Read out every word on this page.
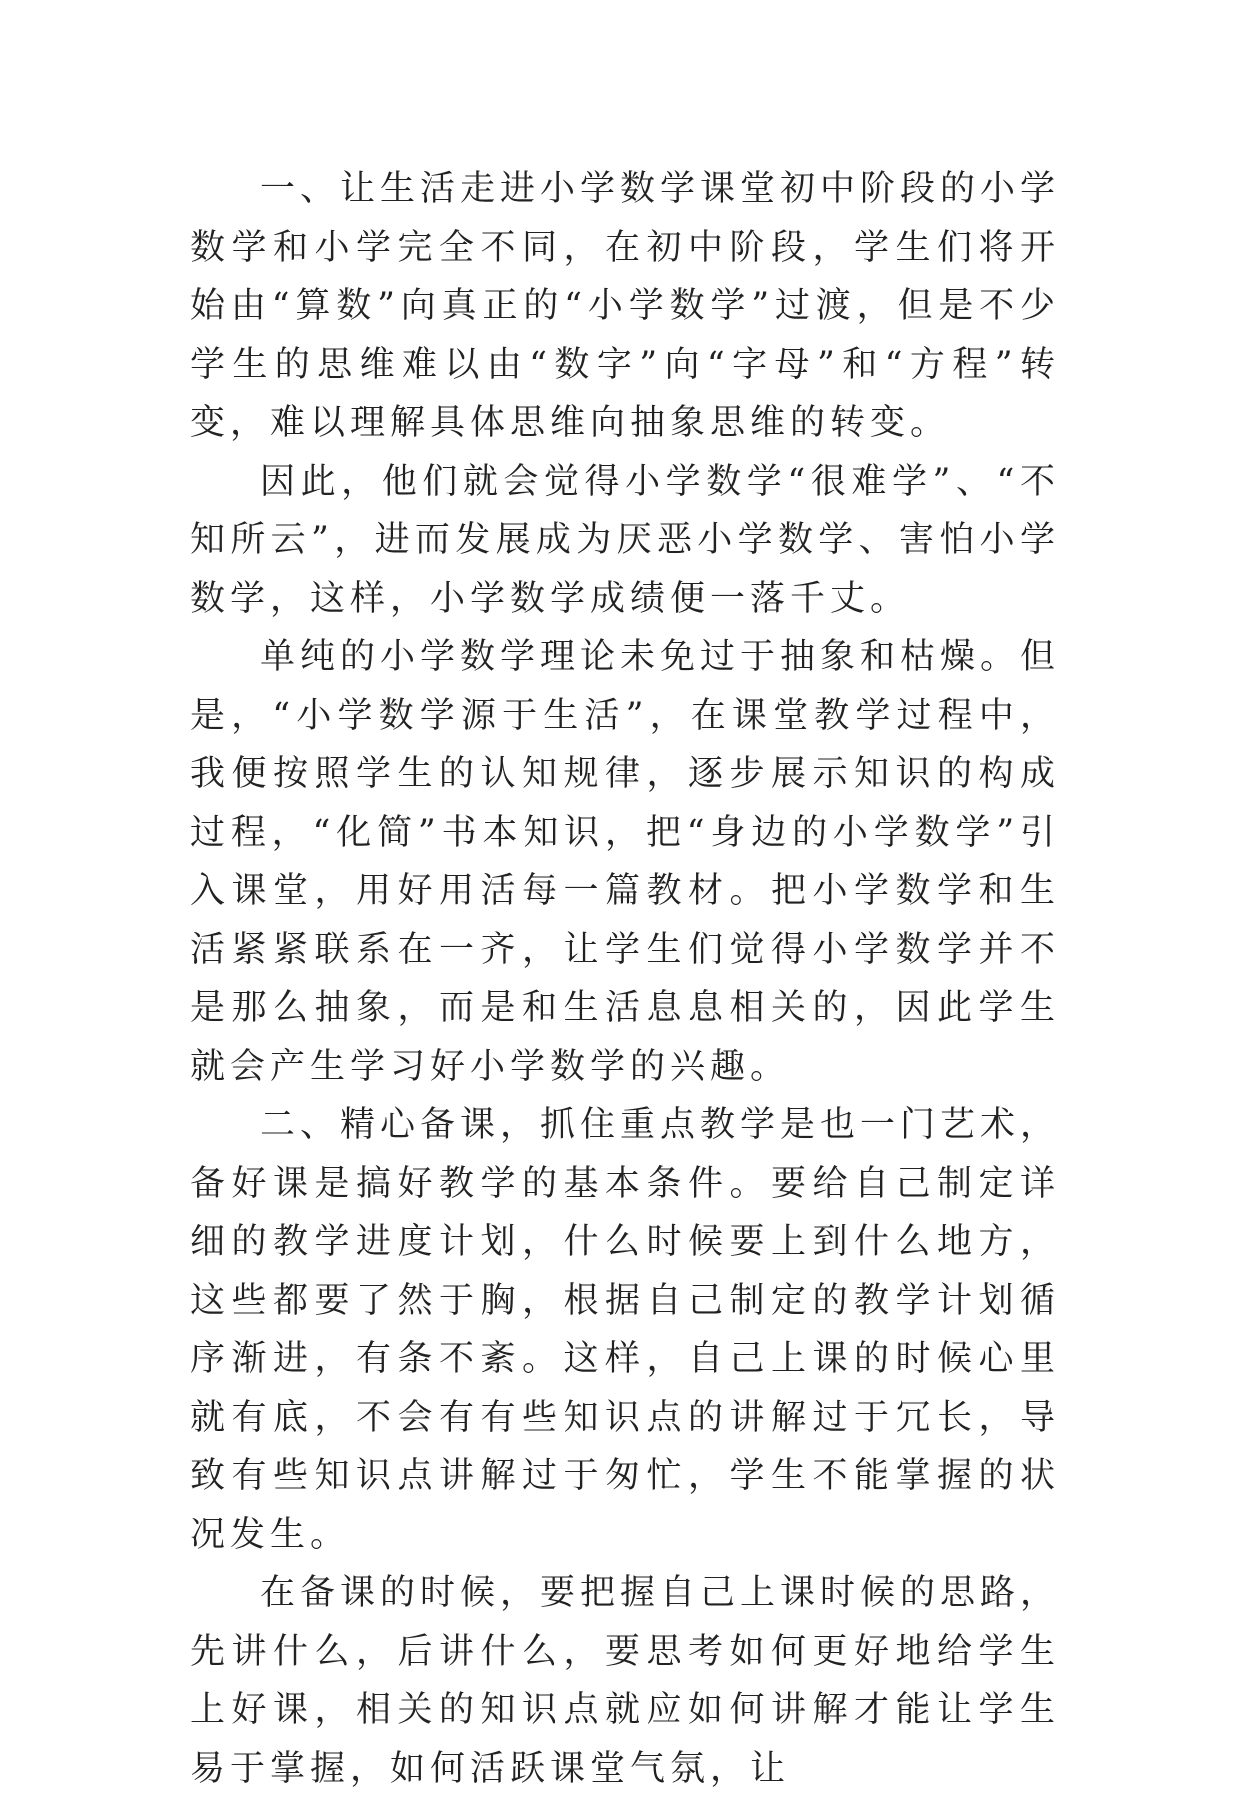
一、让生活走进小学数学课堂初中阶段的小学数学和小学完全不同，在初中阶段，学生们将开始由“算数”向真正的“小学数学”过渡，但是不少学生的思维难以由“数字”向“字母”和“方程”转变，难以理解具体思维向抽象思维的转变。

因此，他们就会觉得小学数学“很难学”、“不知所云”，进而发展成为厌恶小学数学、害怕小学数学，这样，小学数学成绩便一落千丈。

单纯的小学数学理论未免过于抽象和枯燥。但是，“小学数学源于生活”，在课堂教学过程中，我便按照学生的认知规律，逐步展示知识的构成过程，“化简”书本知识，把“身边的小学数学”引入课堂，用好用活每一篇教材。把小学数学和生活紧紧联系在一齐，让学生们觉得小学数学并不是那么抽象，而是和生活息息相关的，因此学生就会产生学习好小学数学的兴趣。

二、精心备课，抓住重点教学是也一门艺术，备好课是搞好教学的基本条件。要给自己制定详细的教学进度计划，什么时候要上到什么地方，这些都要了然于胸，根据自己制定的教学计划循序渐进，有条不紊。这样，自己上课的时候心里就有底，不会有有些知识点的讲解过于冗长，导致有些知识点讲解过于匆忙，学生不能掌握的状况发生。

在备课的时候，要把握自己上课时候的思路，先讲什么，后讲什么，要思考如何更好地给学生上好课，相关的知识点就应如何讲解才能让学生易于掌握，如何活跃课堂气氛，让
